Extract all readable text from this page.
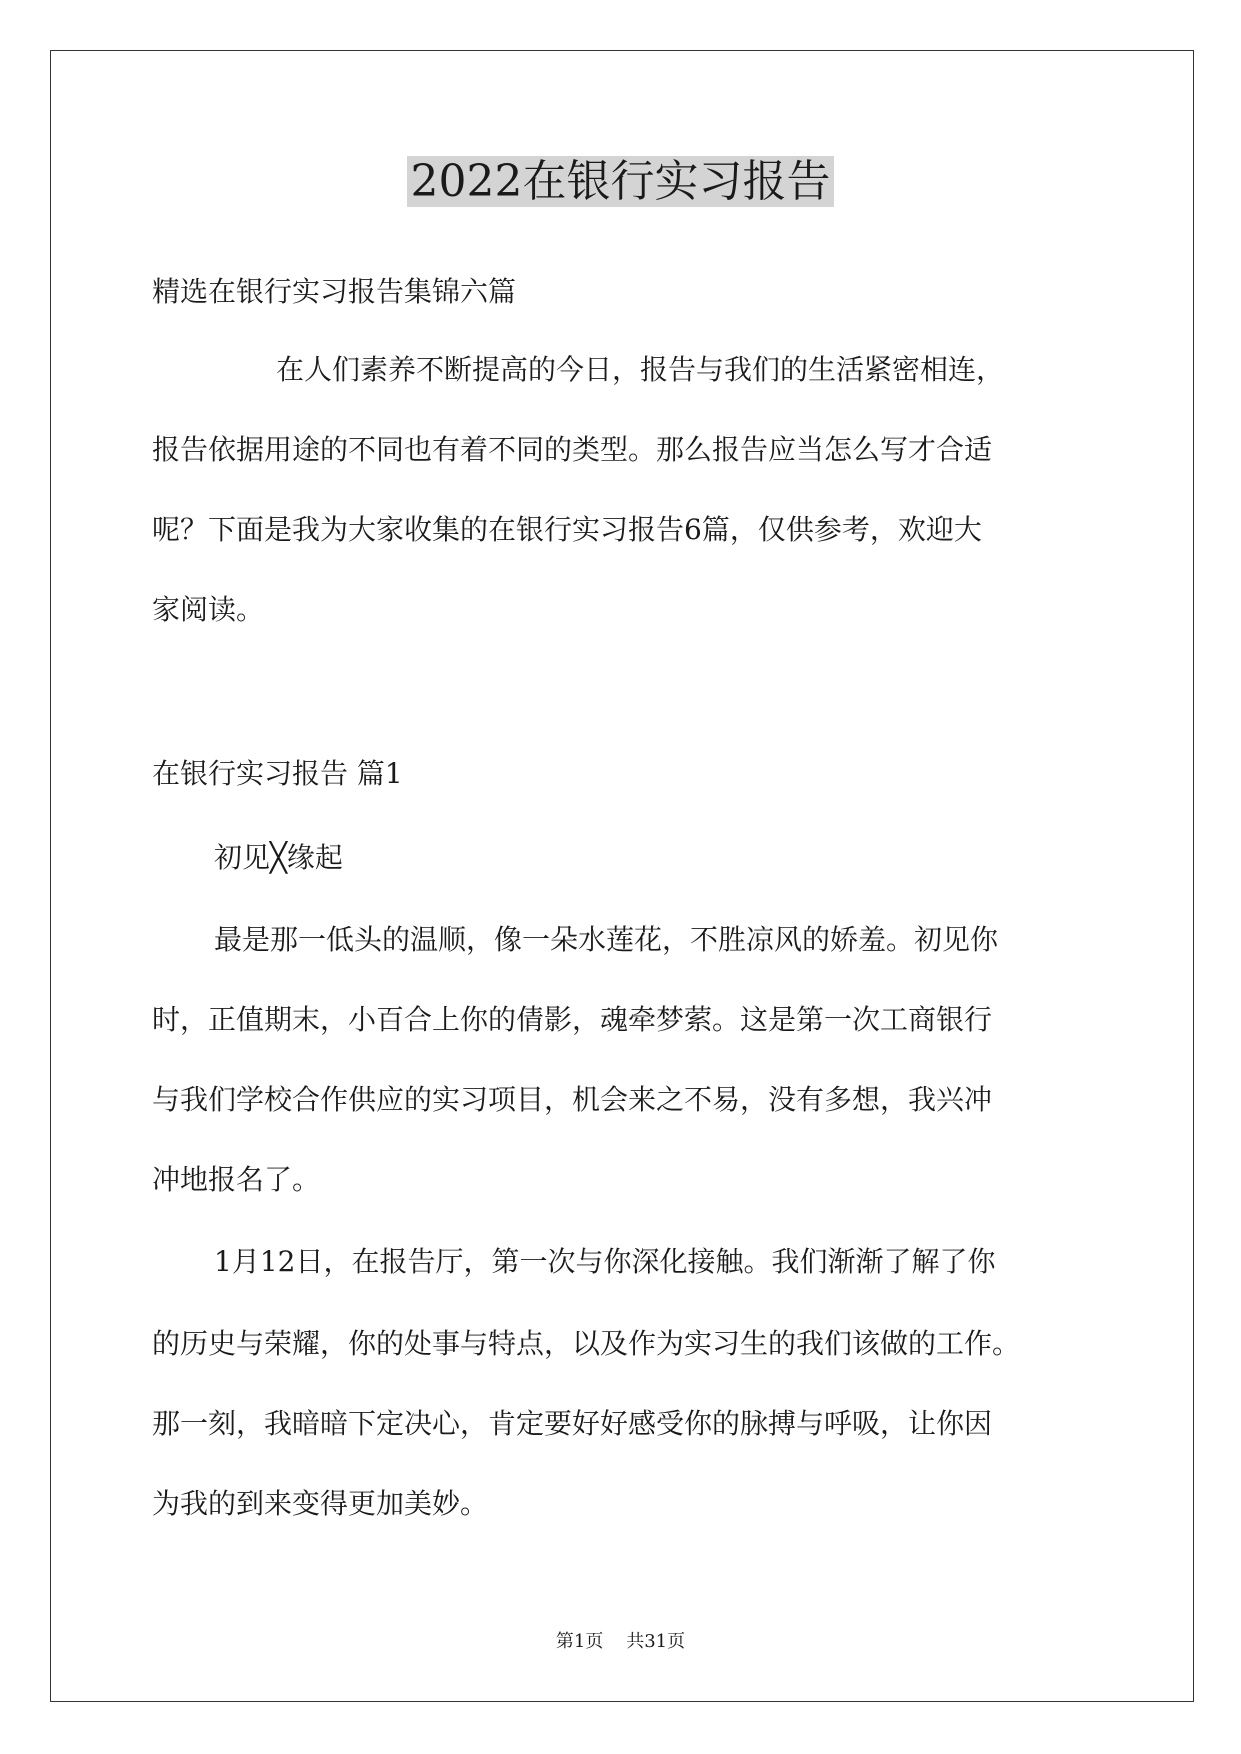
2022在银行实习报告
精选在银行实习报告集锦六篇
在人们素养不断提高的今日，报告与我们的生活紧密相连，
报告依据用途的不同也有着不同的类型。那么报告应当怎么写才合适
呢？下面是我为大家收集的在银行实习报告6篇，仅供参考，欢迎大
家阅读。
在银行实习报告 篇1
初见╳缘起
最是那一低头的温顺，像一朵水莲花，不胜凉风的娇羞。初见你
时，正值期末，小百合上你的倩影，魂牵梦萦。这是第一次工商银行
与我们学校合作供应的实习项目，机会来之不易，没有多想，我兴冲
冲地报名了。
1月12日，在报告厅，第一次与你深化接触。我们渐渐了解了你
的历史与荣耀，你的处事与特点，以及作为实习生的我们该做的工作。
那一刻，我暗暗下定决心，肯定要好好感受你的脉搏与呼吸，让你因
为我的到来变得更加美妙。
第1页    共31页
